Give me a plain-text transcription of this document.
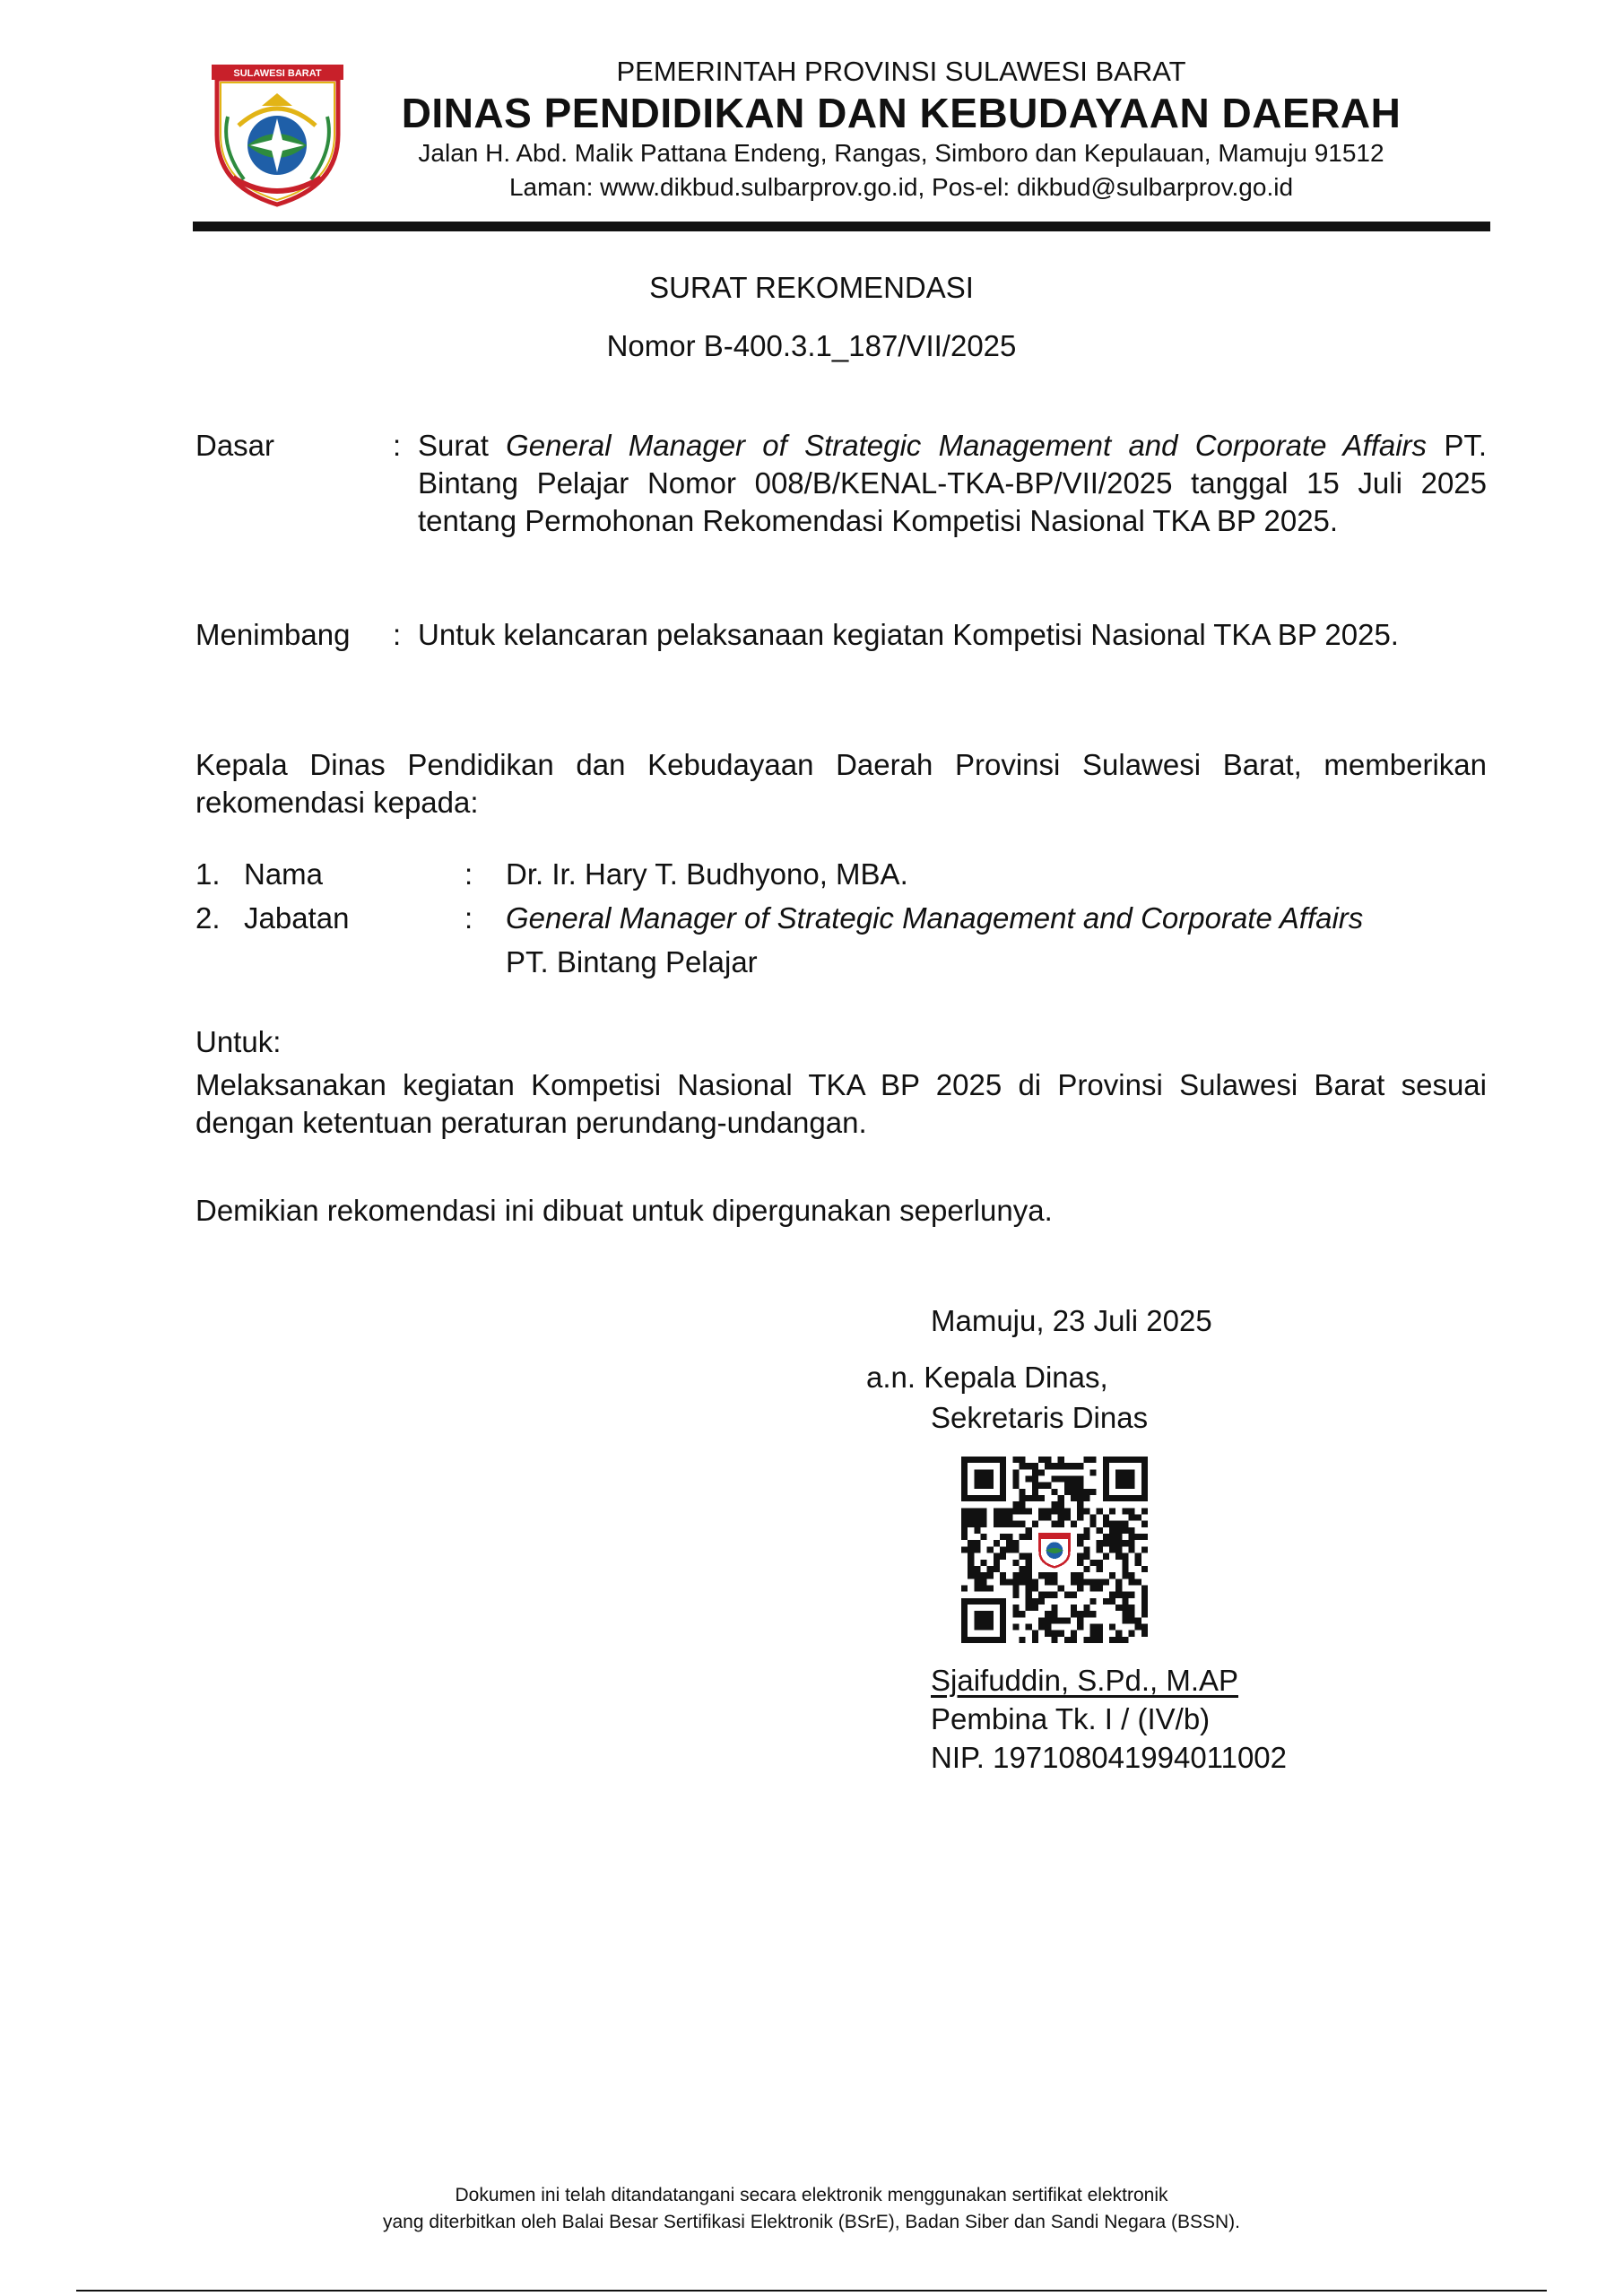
SULAWESI BARAT	PEMERINTAH PROVINSI SULAWESI BARAT
DINAS PENDIDIKAN DAN KEBUDAYAAN DAERAH
Jalan H. Abd. Malik Pattana Endeng, Rangas, Simboro dan Kepulauan, Mamuju 91512
Laman: www.dikbud.sulbarprov.go.id, Pos-el: dikbud@sulbarprov.go.id
SURAT REKOMENDASI
Nomor B-400.3.1_187/VII/2025
Dasar	: Surat General Manager of Strategic Management and Corporate Affairs PT. Bintang Pelajar Nomor 008/B/KENAL-TKA-BP/VII/2025 tanggal 15 Juli 2025 tentang Permohonan Rekomendasi Kompetisi Nasional TKA BP 2025.
Menimbang : Untuk kelancaran pelaksanaan kegiatan Kompetisi Nasional TKA BP 2025.
Kepala Dinas Pendidikan dan Kebudayaan Daerah Provinsi Sulawesi Barat, memberikan rekomendasi kepada:
1. Nama	: Dr. Ir. Hary T. Budhyono, MBA.
2. Jabatan	: General Manager of Strategic Management and Corporate Affairs
PT. Bintang Pelajar
Untuk:
Melaksanakan kegiatan Kompetisi Nasional TKA BP 2025 di Provinsi Sulawesi Barat sesuai dengan ketentuan peraturan perundang-undangan.
Demikian rekomendasi ini dibuat untuk dipergunakan seperlunya.
Mamuju, 23 Juli 2025
a.n. Kepala Dinas,
Sekretaris Dinas
Sjaifuddin, S.Pd., M.AP
Pembina Tk. I / (IV/b)
NIP. 197108041994011002
Dokumen ini telah ditandatangani secara elektronik menggunakan sertifikat elektronik
yang diterbitkan oleh Balai Besar Sertifikasi Elektronik (BSrE), Badan Siber dan Sandi Negara (BSSN).
